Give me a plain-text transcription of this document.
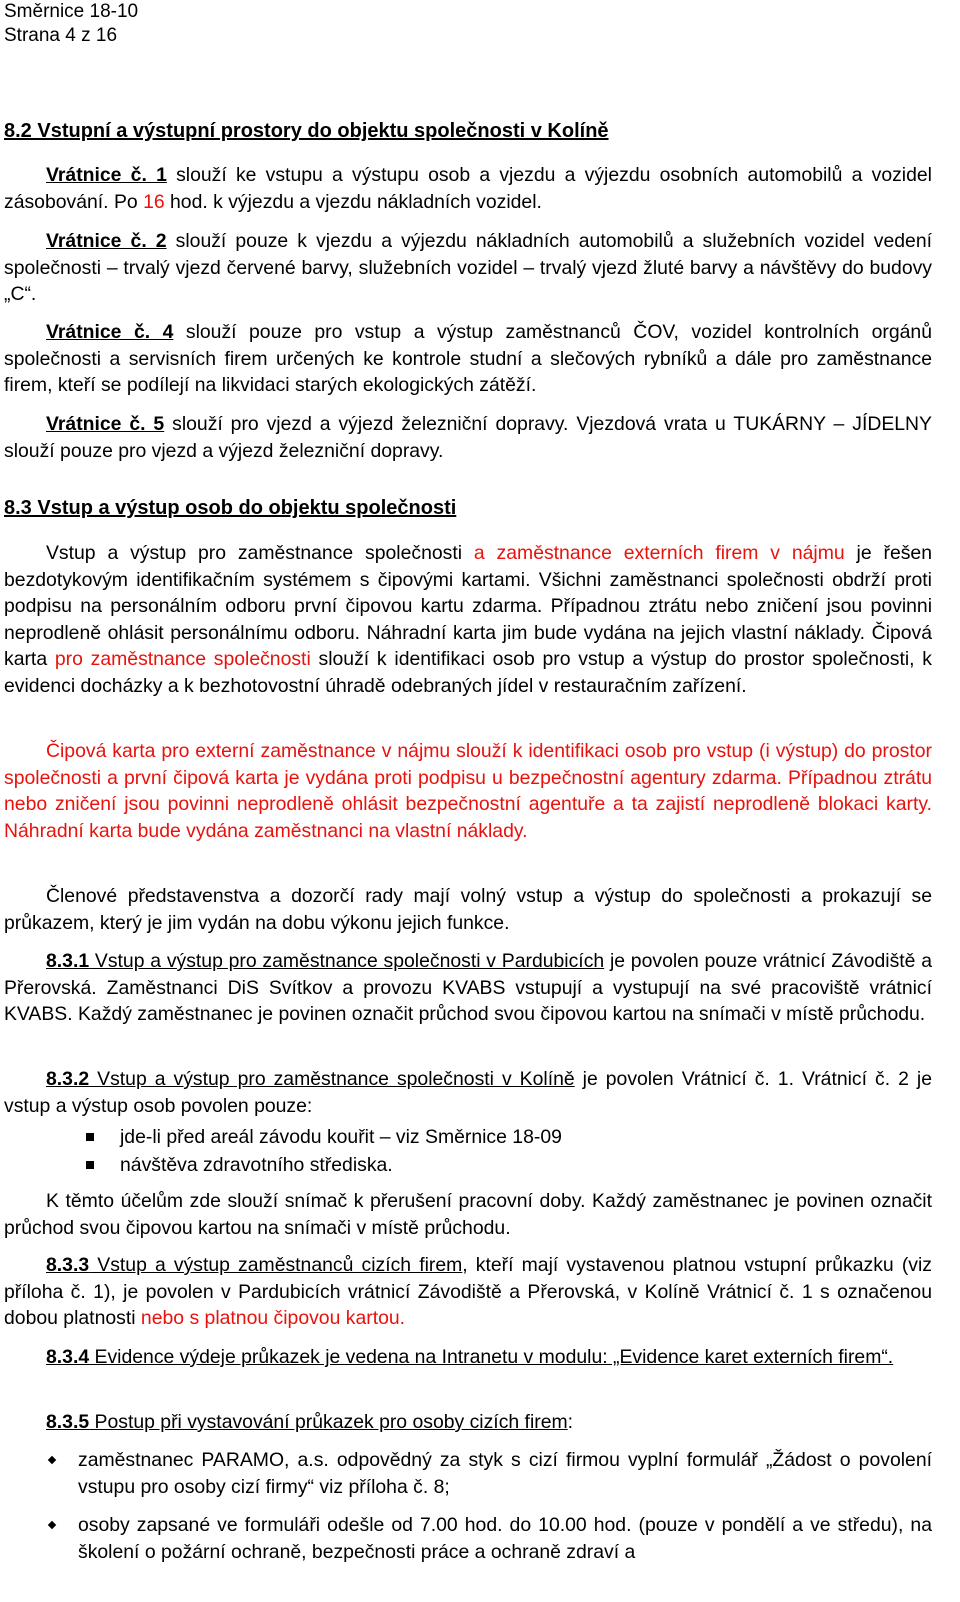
Směrnice 18-10
Strana 4 z 16
8.2 Vstupní a výstupní prostory do objektu společnosti v Kolíně
Vrátnice č. 1 slouží ke vstupu a výstupu osob a vjezdu a výjezdu osobních automobilů a vozidel zásobování. Po 16 hod. k výjezdu a vjezdu nákladních vozidel.
Vrátnice č. 2 slouží pouze k vjezdu a výjezdu nákladních automobilů a služebních vozidel vedení společnosti – trvalý vjezd červené barvy, služebních vozidel – trvalý vjezd žluté barvy a návštěvy do budovy „C“.
Vrátnice č. 4 slouží pouze pro vstup a výstup zaměstnanců ČOV, vozidel kontrolních orgánů společnosti a servisních firem určených ke kontrole studní a slečových rybníků a dále pro zaměstnance firem, kteří se podílejí na likvidaci starých ekologických zátěží.
Vrátnice č. 5 slouží pro vjezd a výjezd železniční dopravy. Vjezdová vrata u TUKÁRNY – JÍDELNY slouží pouze pro vjezd a výjezd železniční dopravy.
8.3 Vstup a výstup osob do objektu společnosti
Vstup a výstup pro zaměstnance společnosti a zaměstnance externích firem v nájmu je řešen bezdotykovým identifikačním systémem s čipovými kartami. Všichni zaměstnanci společnosti obdrží proti podpisu na personálním odboru první čipovou kartu zdarma. Případnou ztrátu nebo zničení jsou povinni neprodleně ohlásit personálnímu odboru. Náhradní karta jim bude vydána na jejich vlastní náklady. Čipová karta pro zaměstnance společnosti slouží k identifikaci osob pro vstup a výstup do prostor společnosti, k evidenci docházky a k bezhotovostní úhradě odebraných jídel v restauračním zařízení.
Čipová karta pro externí zaměstnance v nájmu slouží k identifikaci osob pro vstup (i výstup) do prostor společnosti a první čipová karta je vydána proti podpisu u bezpečnostní agentury zdarma. Případnou ztrátu nebo zničení jsou povinni neprodleně ohlásit bezpečnostní agentuře a ta zajistí neprodleně blokaci karty. Náhradní karta bude vydána zaměstnanci na vlastní náklady.
Členové představenstva a dozorčí rady mají volný vstup a výstup do společnosti a prokazují se průkazem, který je jim vydán na dobu výkonu jejich funkce.
8.3.1 Vstup a výstup pro zaměstnance společnosti v Pardubicích je povolen pouze vrátnicí Závodiště a Přerovská. Zaměstnanci DiS Svítkov a provozu KVABS vstupují a vystupují na své pracoviště vrátnicí KVABS. Každý zaměstnanec je povinen označit průchod svou čipovou kartou na snímači v místě průchodu.
8.3.2 Vstup a výstup pro zaměstnance společnosti v Kolíně je povolen Vrátnicí č. 1. Vrátnicí č. 2 je vstup a výstup osob povolen pouze:
jde-li před areál závodu kouřit – viz Směrnice 18-09
návštěva zdravotního střediska.
K těmto účelům zde slouží snímač k přerušení pracovní doby. Každý zaměstnanec je povinen označit průchod svou čipovou kartou na snímači v místě průchodu.
8.3.3 Vstup a výstup zaměstnanců cizích firem, kteří mají vystavenou platnou vstupní průkazku (viz příloha č. 1), je povolen v Pardubicích vrátnicí Závodiště a Přerovská, v Kolíně Vrátnicí č. 1 s označenou dobou platnosti nebo s platnou čipovou kartou.
8.3.4 Evidence výdeje průkazek je vedena na Intranetu v modulu: „Evidence karet externích firem“.
8.3.5 Postup při vystavování průkazek pro osoby cizích firem:
zaměstnanec PARAMO, a.s. odpovědný za styk s cizí firmou vyplní formulář „Žádost o povolení vstupu pro osoby cizí firmy“ viz příloha č. 8;
osoby zapsané ve formuláři odešle od 7.00 hod. do 10.00 hod. (pouze v pondělí a ve středu), na školení o požární ochraně, bezpečnosti práce a ochraně zdraví a
